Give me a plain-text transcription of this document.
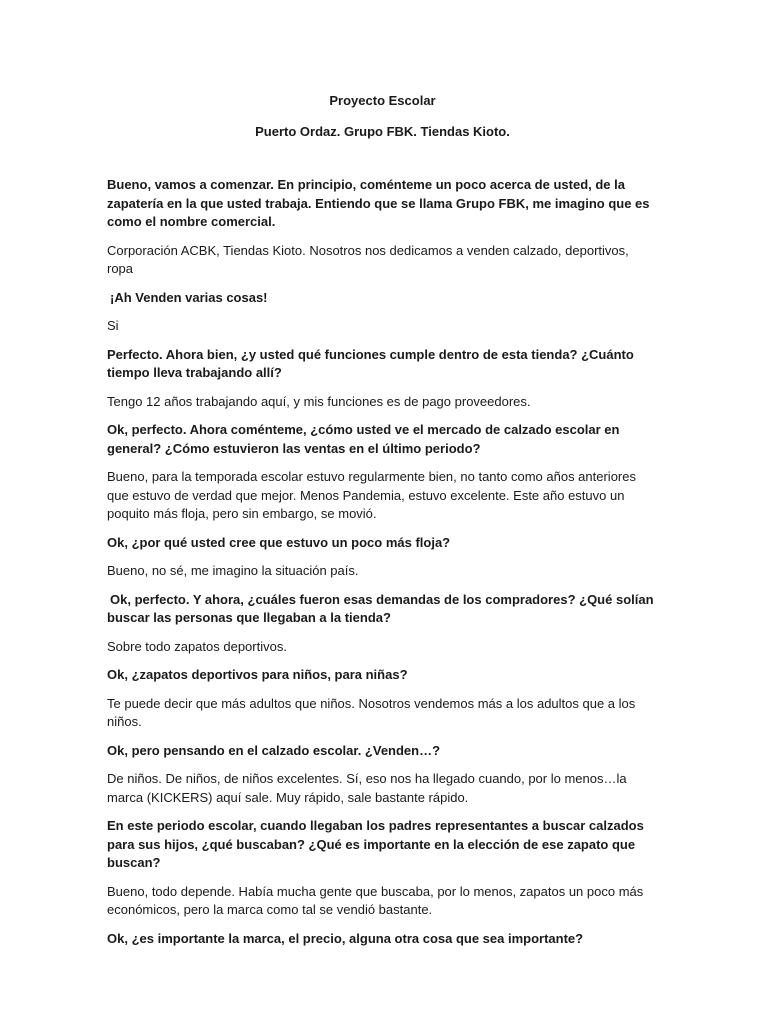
Proyecto Escolar

Puerto Ordaz. Grupo FBK. Tiendas Kioto.

Bueno, vamos a comenzar. En principio, coménteme un poco acerca de usted, de la zapatería en la que usted trabaja. Entiendo que se llama Grupo FBK, me imagino que es como el nombre comercial.

Corporación ACBK, Tiendas Kioto. Nosotros nos dedicamos a venden calzado, deportivos, ropa

¡Ah Venden varias cosas!

Si

Perfecto. Ahora bien, ¿y usted qué funciones cumple dentro de esta tienda? ¿Cuánto tiempo lleva trabajando allí?

Tengo 12 años trabajando aquí, y mis funciones es de pago proveedores.

Ok, perfecto. Ahora coménteme, ¿cómo usted ve el mercado de calzado escolar en general? ¿Cómo estuvieron las ventas en el último periodo?

Bueno, para la temporada escolar estuvo regularmente bien, no tanto como años anteriores que estuvo de verdad que mejor. Menos Pandemia, estuvo excelente. Este año estuvo un poquito más floja, pero sin embargo, se movió.

Ok, ¿por qué usted cree que estuvo un poco más floja?

Bueno, no sé, me imagino la situación país.

Ok, perfecto. Y ahora, ¿cuáles fueron esas demandas de los compradores? ¿Qué solían buscar las personas que llegaban a la tienda?

Sobre todo zapatos deportivos.

Ok, ¿zapatos deportivos para niños, para niñas?

Te puede decir que más adultos que niños. Nosotros vendemos más a los adultos que a los niños.

Ok, pero pensando en el calzado escolar. ¿Venden…?

De niños. De niños, de niños excelentes. Sí, eso nos ha llegado cuando, por lo menos…la marca (KICKERS) aquí sale. Muy rápido, sale bastante rápido.

En este periodo escolar, cuando llegaban los padres representantes a buscar calzados para sus hijos, ¿qué buscaban? ¿Qué es importante en la elección de ese zapato que buscan?

Bueno, todo depende. Había mucha gente que buscaba, por lo menos, zapatos un poco más económicos, pero la marca como tal se vendió bastante.

Ok, ¿es importante la marca, el precio, alguna otra cosa que sea importante?
